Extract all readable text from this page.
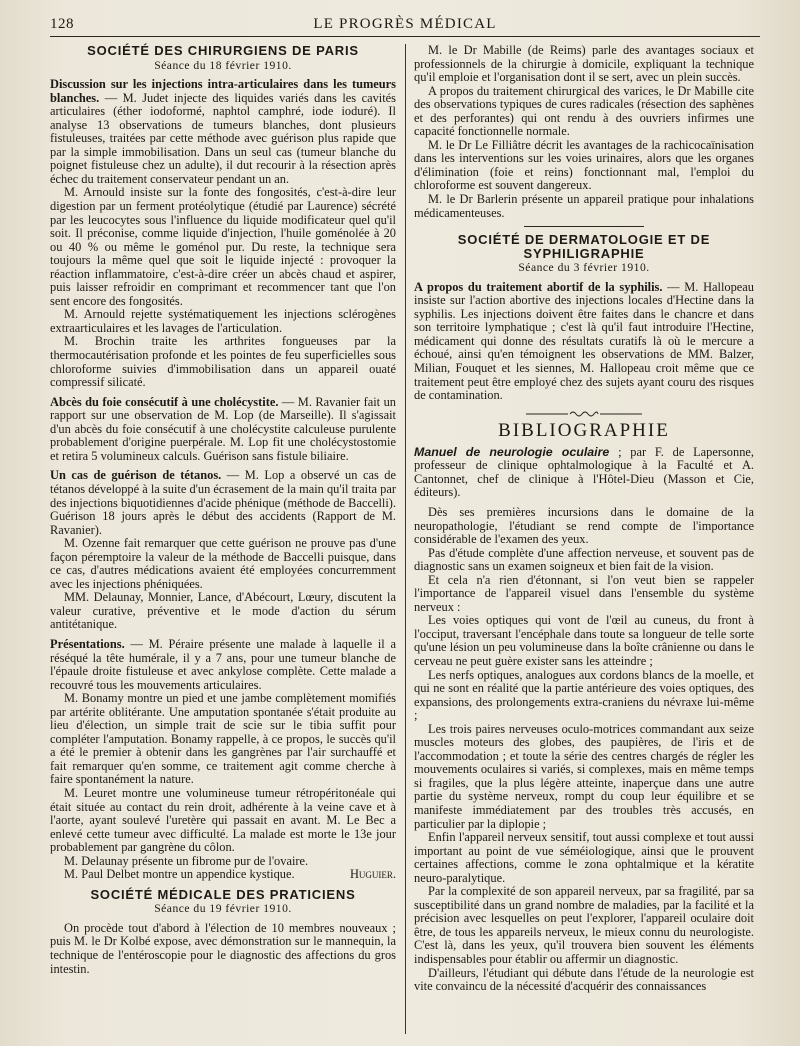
128	LE PROGRÈS MÉDICAL
SOCIÉTÉ DES CHIRURGIENS DE PARIS
Séance du 18 février 1910.

Discussion sur les injections intra-articulaires dans les tumeurs blanches. — M. Judet injecte des liquides variés dans les cavités articulaires (éther iodoformé, naphtol camphré, iode ioduré). Il analyse 13 observations de tumeurs blanches, dont plusieurs fistuleuses, traitées par cette méthode avec guérison plus rapide que par la simple immobilisation. Dans un seul cas (tumeur blanche du poignet fistuleuse chez un adulte), il dut recourir à la résection après échec du traitement conservateur pendant un an.

M. Arnould insiste sur la fonte des fongosités, c'est-à-dire leur digestion par un ferment protéolytique (étudié par Laurence) sécrété par les leucocytes sous l'influence du liquide modificateur quel qu'il soit. Il préconise, comme liquide d'injection, l'huile goménolée à 20 ou 40 % ou même le goménol pur. Du reste, la technique sera toujours la même quel que soit le liquide injecté : provoquer la réaction inflammatoire, c'est-à-dire créer un abcès chaud et aspirer, puis laisser refroidir en comprimant et recommencer tant que l'on sent encore des fongosités.

M. Arnould rejette systématiquement les injections sclérogènes extraarticulaires et les lavages de l'articulation.

M. Brochin traite les arthrites fongueuses par la thermocautérisation profonde et les pointes de feu superficielles sous chloroforme suivies d'immobilisation dans un appareil ouaté compressif silicaté.

Abcès du foie consécutif à une cholécystite. — M. Ravanier fait un rapport sur une observation de M. Lop (de Marseille). Il s'agissait d'un abcès du foie consécutif à une cholécystite calculeuse purulente probablement d'origine puerpérale. M. Lop fit une cholécystostomie et retira 5 volumineux calculs. Guérison sans fistule biliaire.

Un cas de guérison de tétanos. — M. Lop a observé un cas de tétanos développé à la suite d'un écrasement de la main qu'il traita par des injections biquotidiennes d'acide phénique (méthode de Baccelli). Guérison 18 jours après le début des accidents (Rapport de M. Ravanier).

M. Ozenne fait remarquer que cette guérison ne prouve pas d'une façon péremptoire la valeur de la méthode de Baccelli puisque, dans ce cas, d'autres médications avaient été employées concurremment avec les injections phéniquées.

MM. Delaunay, Monnier, Lance, d'Abécourt, Lœury, discutent la valeur curative, préventive et le mode d'action du sérum antitétanique.

Présentations. — M. Péraire présente une malade à laquelle il a réséqué la tête humérale, il y a 7 ans, pour une tumeur blanche de l'épaule droite fistuleuse et avec ankylose complète. Cette malade a recouvré tous les mouvements articulaires.

M. Bonamy montre un pied et une jambe complètement momifiés par artérite oblitérante. Une amputation spontanée s'était produite au lieu d'élection, un simple trait de scie sur le tibia suffit pour compléter l'amputation. Bonamy rappelle, à ce propos, le succès qu'il a été le premier à obtenir dans les gangrènes par l'air surchauffé et fait remarquer qu'en somme, ce traitement agit comme cherche à faire spontanément la nature.

M. Leuret montre une volumineuse tumeur rétropéritonéale qui était située au contact du rein droit, adhérente à la veine cave et à l'aorte, ayant soulevé l'uretère qui passait en avant. M. Le Bec a enlevé cette tumeur avec difficulté. La malade est morte le 13e jour probablement par gangrène du côlon.

M. Delaunay présente un fibrome pur de l'ovaire.

M. Paul Delbet montre un appendice kystique.	Huguier.

SOCIÉTÉ MÉDICALE DES PRATICIENS
Séance du 19 février 1910.

On procède tout d'abord à l'élection de 10 membres nouveaux ; puis M. le Dr Kolbé expose, avec démonstration sur le mannequin, la technique de l'entéroscopie pour le diagnostic des affections du gros intestin.

M. le Dr Mabille (de Reims) parle des avantages sociaux et professionnels de la chirurgie à domicile, expliquant la technique qu'il emploie et l'organisation dont il se sert, avec un plein succès.

A propos du traitement chirurgical des varices, le Dr Mabille cite des observations typiques de cures radicales (résection des saphènes et des perforantes) qui ont rendu à des ouvriers infirmes une capacité fonctionnelle normale.

M. le Dr Le Filliâtre décrit les avantages de la rachicocaïnisation dans les interventions sur les voies urinaires, alors que les organes d'élimination (foie et reins) fonctionnant mal, l'emploi du chloroforme est souvent dangereux.

M. le Dr Barlerin présente un appareil pratique pour inhalations médicamenteuses.

SOCIÉTÉ DE DERMATOLOGIE ET DE SYPHILIGRAPHIE
Séance du 3 février 1910.

A propos du traitement abortif de la syphilis. — M. Hallopeau insiste sur l'action abortive des injections locales d'Hectine dans la syphilis. Les injections doivent être faites dans le chancre et dans son territoire lymphatique ; c'est là qu'il faut introduire l'Hectine, médicament qui donne des résultats curatifs là où le mercure a échoué, ainsi qu'en témoignent les observations de MM. Balzer, Milian, Fouquet et les siennes, M. Hallopeau croit même que ce traitement peut être employé chez des sujets ayant couru des risques de contamination.

BIBLIOGRAPHIE

Manuel de neurologie oculaire ; par F. de Lapersonne, professeur de clinique ophtalmologique à la Faculté et A. Cantonnet, chef de clinique à l'Hôtel-Dieu (Masson et Cie, éditeurs).

Dès ses premières incursions dans le domaine de la neuropathologie, l'étudiant se rend compte de l'importance considérable de l'examen des yeux.

Pas d'étude complète d'une affection nerveuse, et souvent pas de diagnostic sans un examen soigneux et bien fait de la vision.

Et cela n'a rien d'étonnant, si l'on veut bien se rappeler l'importance de l'appareil visuel dans l'ensemble du système nerveux :

Les voies optiques qui vont de l'œil au cuneus, du front à l'occiput, traversant l'encéphale dans toute sa longueur de telle sorte qu'une lésion un peu volumineuse dans la boîte crânienne ou dans le cerveau ne peut guère exister sans les atteindre ;

Les nerfs optiques, analogues aux cordons blancs de la moelle, et qui ne sont en réalité que la partie antérieure des voies optiques, des expansions, des prolongements extra-craniens du névraxe lui-même ;

Les trois paires nerveuses oculo-motrices commandant aux seize muscles moteurs des globes, des paupières, de l'iris et de l'accommodation ; et toute la série des centres chargés de régler les mouvements oculaires si variés, si complexes, mais en même temps si fragiles, que la plus légère atteinte, inaperçue dans une autre partie du système nerveux, rompt du coup leur équilibre et se manifeste immédiatement par des troubles très accusés, en particulier par la diplopie ;

Enfin l'appareil nerveux sensitif, tout aussi complexe et tout aussi important au point de vue séméiologique, ainsi que le prouvent certaines affections, comme le zona ophtalmique et la kératite neuro-paralytique.

Par la complexité de son appareil nerveux, par sa fragilité, par sa susceptibilité dans un grand nombre de maladies, par la facilité et la précision avec lesquelles on peut l'explorer, l'appareil oculaire doit être, de tous les appareils nerveux, le mieux connu du neurologiste. C'est là, dans les yeux, qu'il trouvera bien souvent les éléments indispensables pour établir ou affermir un diagnostic.

D'ailleurs, l'étudiant qui débute dans l'étude de la neurologie est vite convaincu de la nécessité d'acquérir des connaissances
